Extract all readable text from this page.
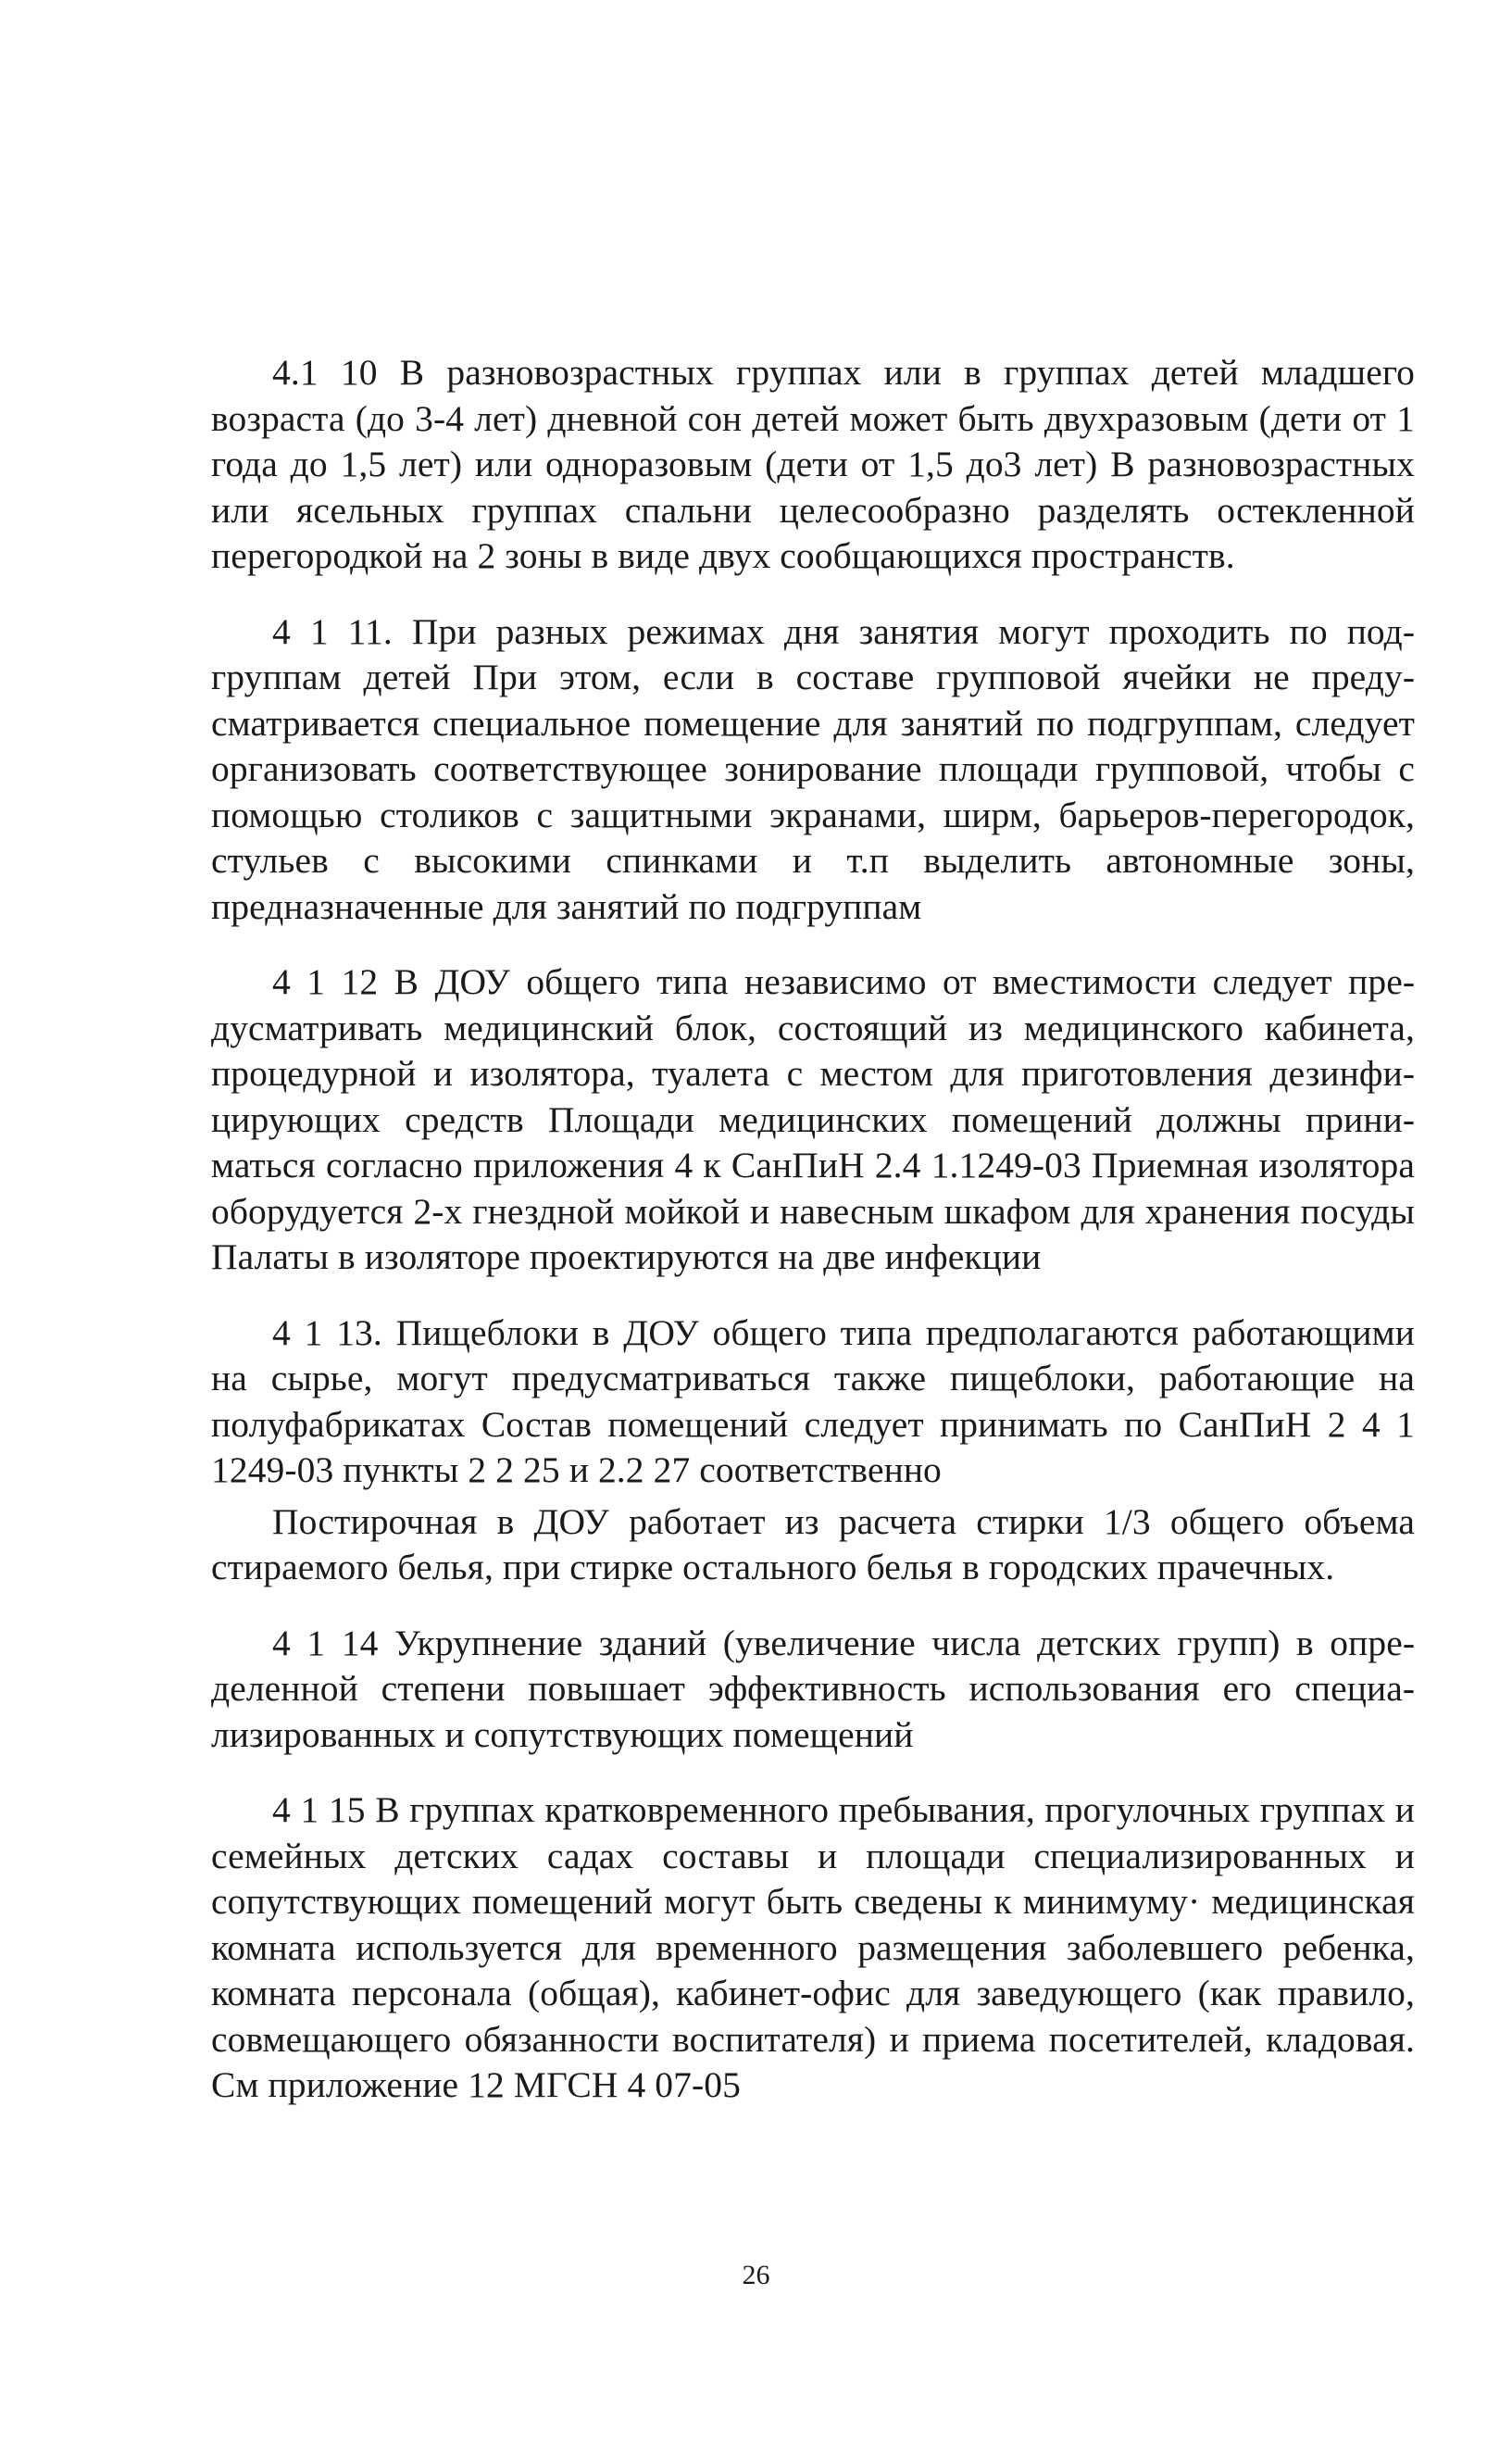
4.1 10 В разновозрастных группах или в группах детей младшего возраста (до 3-4 лет) дневной сон детей может быть двухразовым (дети от 1 года до 1,5 лет) или одноразовым (дети от 1,5 до3 лет) В разновозрастных или ясельных группах спальни целесообразно разделять остекленной перегородкой на 2 зоны в виде двух сообщающихся пространств.

4 1 11. При разных режимах дня занятия могут проходить по подгруппам детей При этом, если в составе групповой ячейки не предусматривается специальное помещение для занятий по подгруппам, следует организовать соответствующее зонирование площади групповой, чтобы с помощью столиков с защитными экранами, ширм, барьеров-перегородок, стульев с высокими спинками и т.п выделить автономные зоны, предназначенные для занятий по подгруппам

4 1 12 В ДОУ общего типа независимо от вместимости следует предусматривать медицинский блок, состоящий из медицинского кабинета, процедурной и изолятора, туалета с местом для приготовления дезинфицирующих средств Площади медицинских помещений должны приниматься согласно приложения 4 к СанПиН 2.4 1.1249-03 Приемная изолятора оборудуется 2-х гнездной мойкой и навесным шкафом для хранения посуды Палаты в изоляторе проектируются на две инфекции

4 1 13. Пищеблоки в ДОУ общего типа предполагаются работающими на сырье, могут предусматриваться также пищеблоки, работающие на полуфабрикатах Состав помещений следует принимать по СанПиН 2 4 1 1249-03 пункты 2 2 25 и 2.2 27 соответственно

Постирочная в ДОУ работает из расчета стирки 1/3 общего объема стираемого белья, при стирке остального белья в городских прачечных.

4 1 14 Укрупнение зданий (увеличение числа детских групп) в определенной степени повышает эффективность использования его специализированных и сопутствующих помещений

4 1 15 В группах кратковременного пребывания, прогулочных группах и семейных детских садах составы и площади специализированных и сопутствующих помещений могут быть сведены к минимуму· медицинская комната используется для временного размещения заболевшего ребенка, комната персонала (общая), кабинет-офис для заведующего (как правило, совмещающего обязанности воспитателя) и приема посетителей, кладовая. См приложение 12 МГСН 4 07-05

26
